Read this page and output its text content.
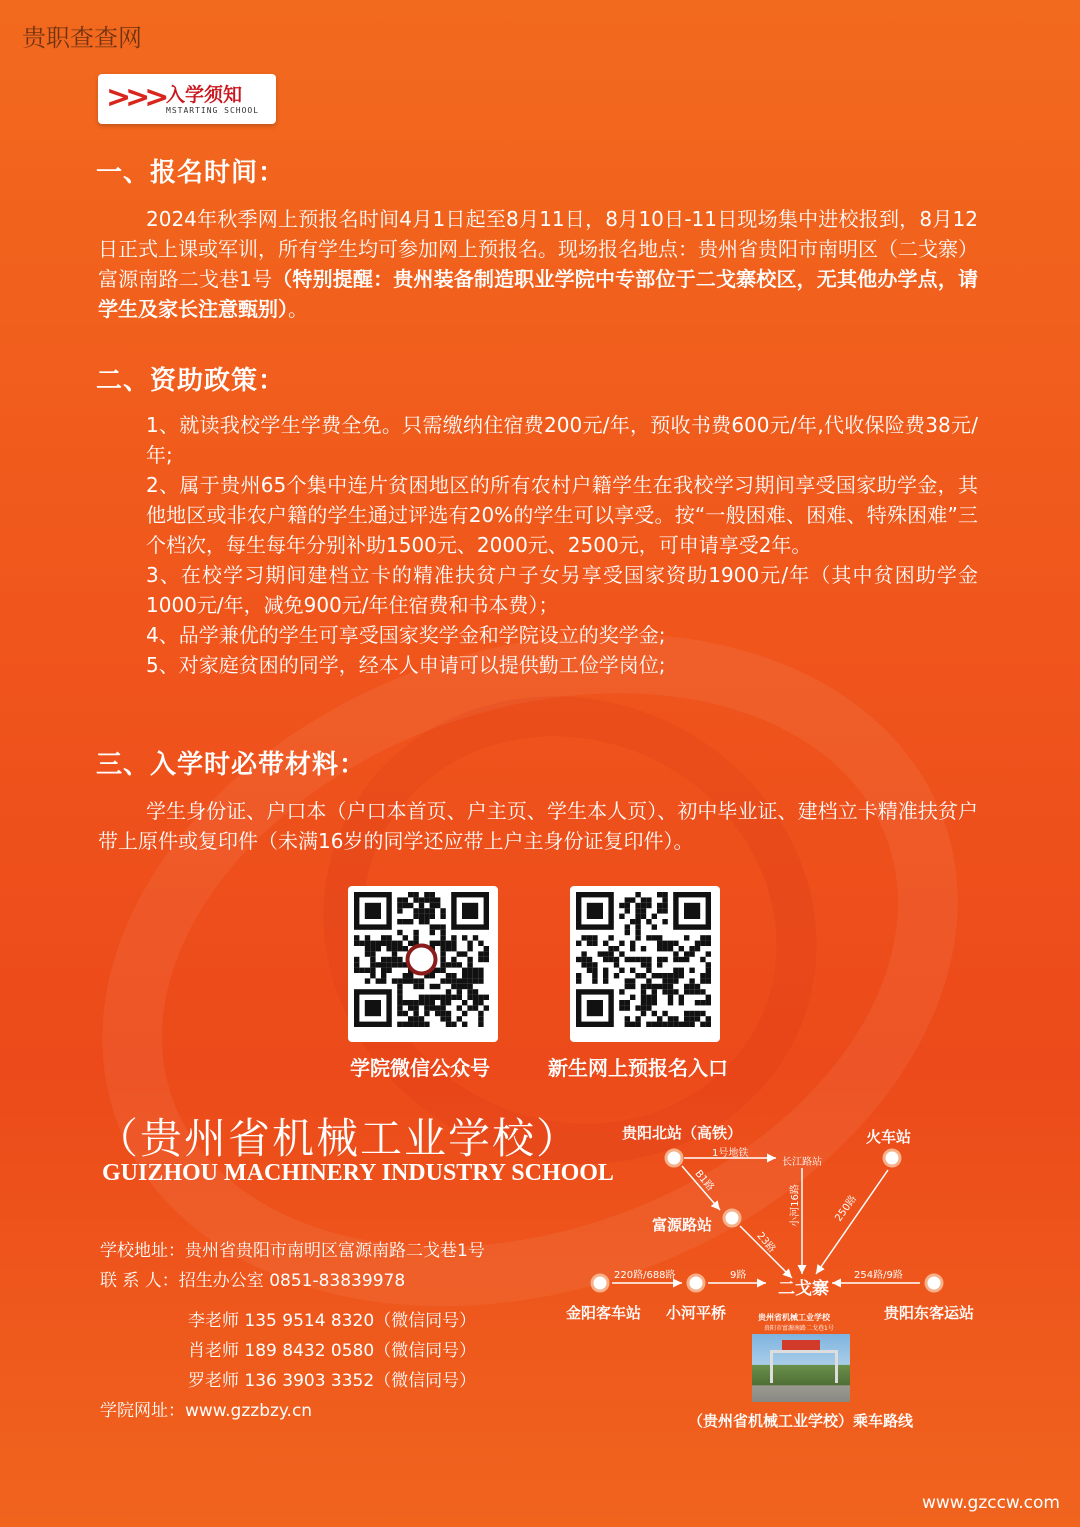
贵职查查网
>>> 入学须知
MSTARTING SCHOOL
一、报名时间：
2024年秋季网上预报名时间4月1日起至8月11日，8月10日-11日现场集中进校报到，8月12日正式上课或军训，所有学生均可参加网上预报名。现场报名地点：贵州省贵阳市南明区（二戈寨）富源南路二戈巷1号（特别提醒：贵州装备制造职业学院中专部位于二戈寨校区，无其他办学点，请学生及家长注意甄别）。
二、资助政策：
1、就读我校学生学费全免。只需缴纳住宿费200元/年，预收书费600元/年,代收保险费38元/年;
2、属于贵州65个集中连片贫困地区的所有农村户籍学生在我校学习期间享受国家助学金，其他地区或非农户籍的学生通过评选有20%的学生可以享受。按“一般困难、困难、特殊困难”三个档次，每生每年分别补助1500元、2000元、2500元，可申请享受2年。
3、在校学习期间建档立卡的精准扶贫户子女另享受国家资助1900元/年（其中贫困助学金1000元/年，减免900元/年住宿费和书本费）；
4、品学兼优的学生可享受国家奖学金和学院设立的奖学金;
5、对家庭贫困的同学，经本人申请可以提供勤工俭学岗位;
三、入学时必带材料：
学生身份证、户口本（户口本首页、户主页、学生本人页）、初中毕业证、建档立卡精准扶贫户带上原件或复印件（未满16岁的同学还应带上户主身份证复印件）。
学院微信公众号	新生网上预报名入口
（贵州省机械工业学校）
GUIZHOU MACHINERY INDUSTRY SCHOOL
学校地址：贵州省贵阳市南明区富源南路二戈巷1号
联 系 人：招生办公室 0851-83839978
李老师 135 9514 8320（微信同号）
肖老师 189 8432 0580（微信同号）
罗老师 136 3903 3352（微信同号）
学院网址：www.gzzbzy.cn
贵阳北站（高铁）	火车站
富源路站
金阳客车站 小河平桥
二戈寨
贵阳东客运站
1号地铁
长江路站
B1路
23路
小河16路	250路
220路/688路	9路	254路/9路
贵州省机械工业学校
贵阳市富源南路二戈巷1号
（贵州省机械工业学校）乘车路线
www.gzccw.com
